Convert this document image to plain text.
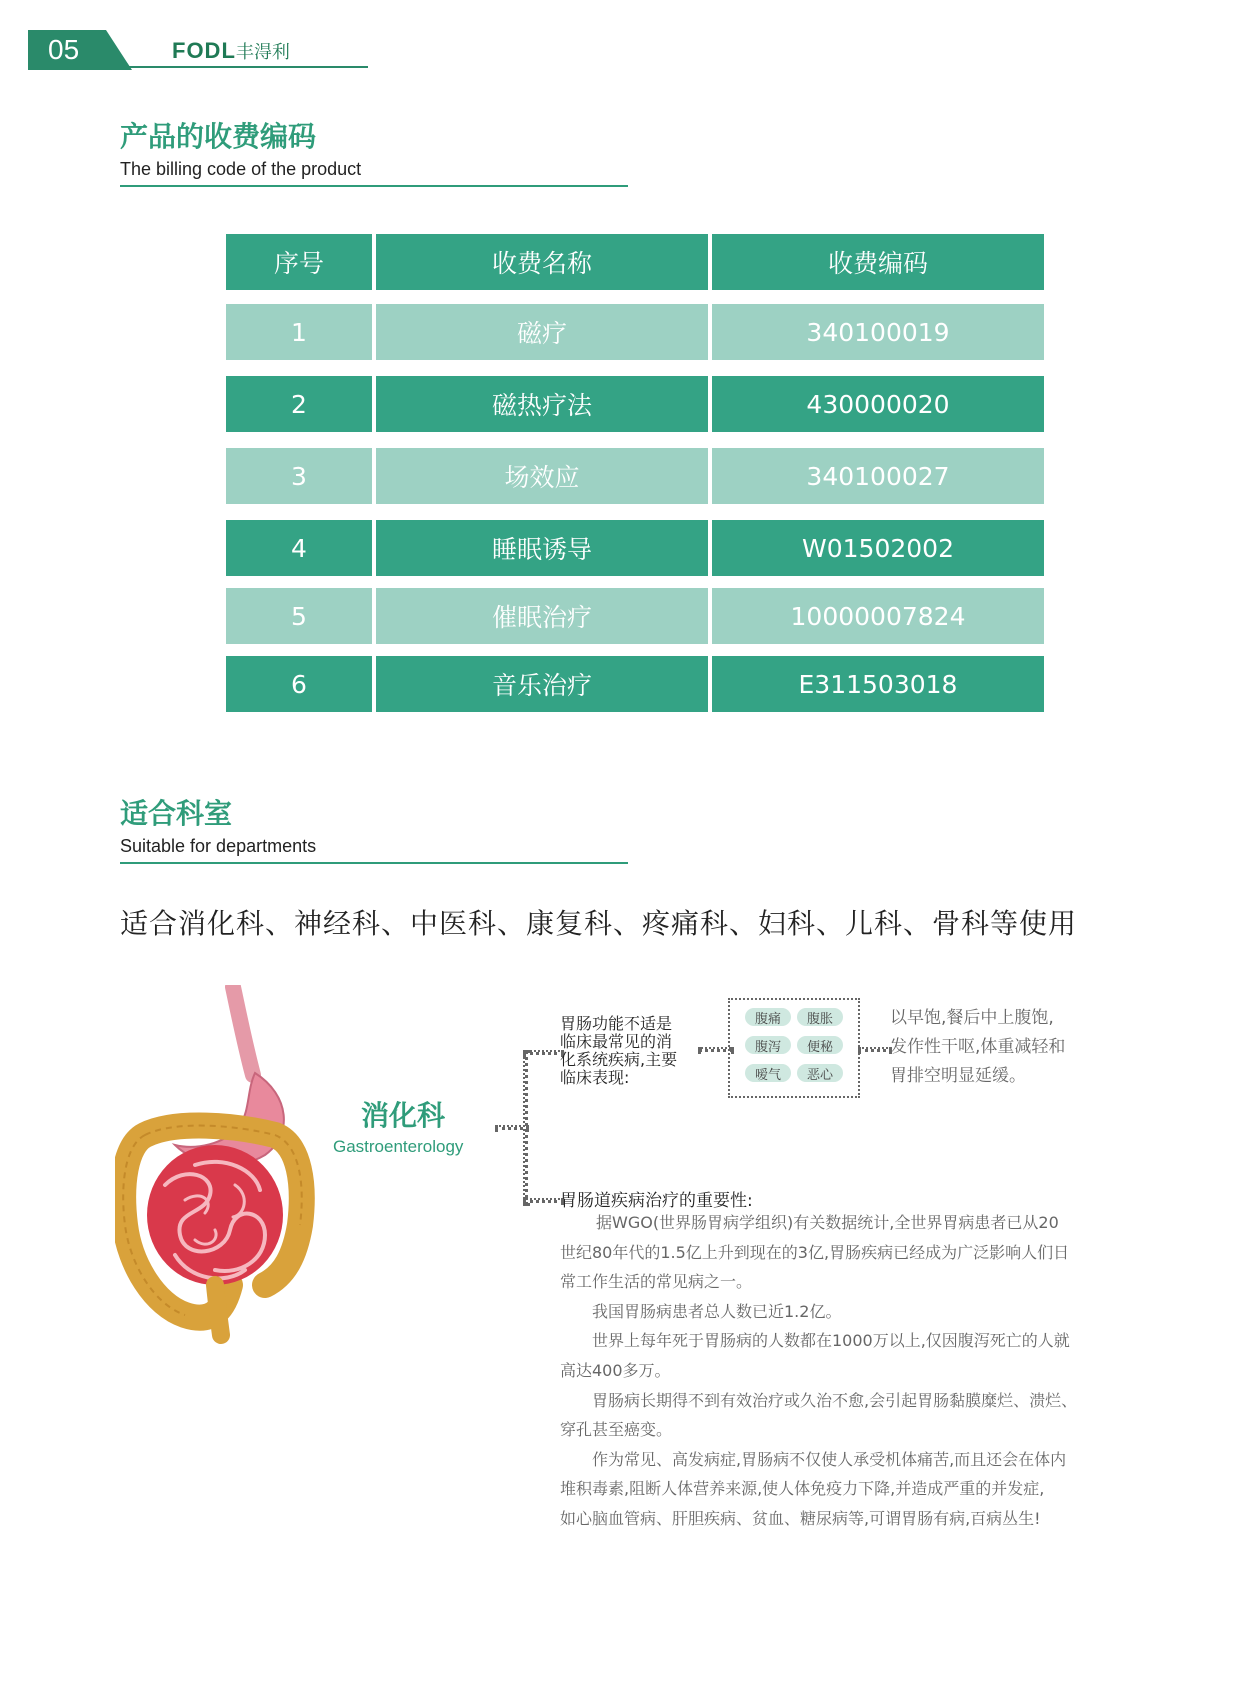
05	FODL丰淂利
产品的收费编码
The billing code of the product
序号	收费名称	收费编码
1	磁疗	340100019
2	磁热疗法	430000020
3	场效应	340100027
4	睡眠诱导	W01502002
5	催眠治疗	10000007824
6	音乐治疗	E311503018
适合科室
Suitable for departments
适合消化科、神经科、中医科、康复科、疼痛科、妇科、儿科、骨科等使用
消化科
Gastroenterology
胃肠功能不适是
临床最常见的消
化系统疾病,主要
临床表现:
腹痛	腹胀
腹泻	便秘
嗳气	恶心
以早饱,餐后中上腹饱,
发作性干呕,体重减轻和
胃排空明显延缓。
胃肠道疾病治疗的重要性:

据WGO(世界肠胃病学组织)有关数据统计,全世界胃病患者已从20
世纪80年代的1.5亿上升到现在的3亿,胃肠疾病已经成为广泛影响人们日
常工作生活的常见病之一。

我国胃肠病患者总人数已近1.2亿。

世界上每年死于胃肠病的人数都在1000万以上,仅因腹泻死亡的人就
高达400多万。

胃肠病长期得不到有效治疗或久治不愈,会引起胃肠黏膜糜烂、溃烂、
穿孔甚至癌变。

作为常见、高发病症,胃肠病不仅使人承受机体痛苦,而且还会在体内
堆积毒素,阻断人体营养来源,使人体免疫力下降,并造成严重的并发症,
如心脑血管病、肝胆疾病、贫血、糖尿病等,可谓胃肠有病,百病丛生!
